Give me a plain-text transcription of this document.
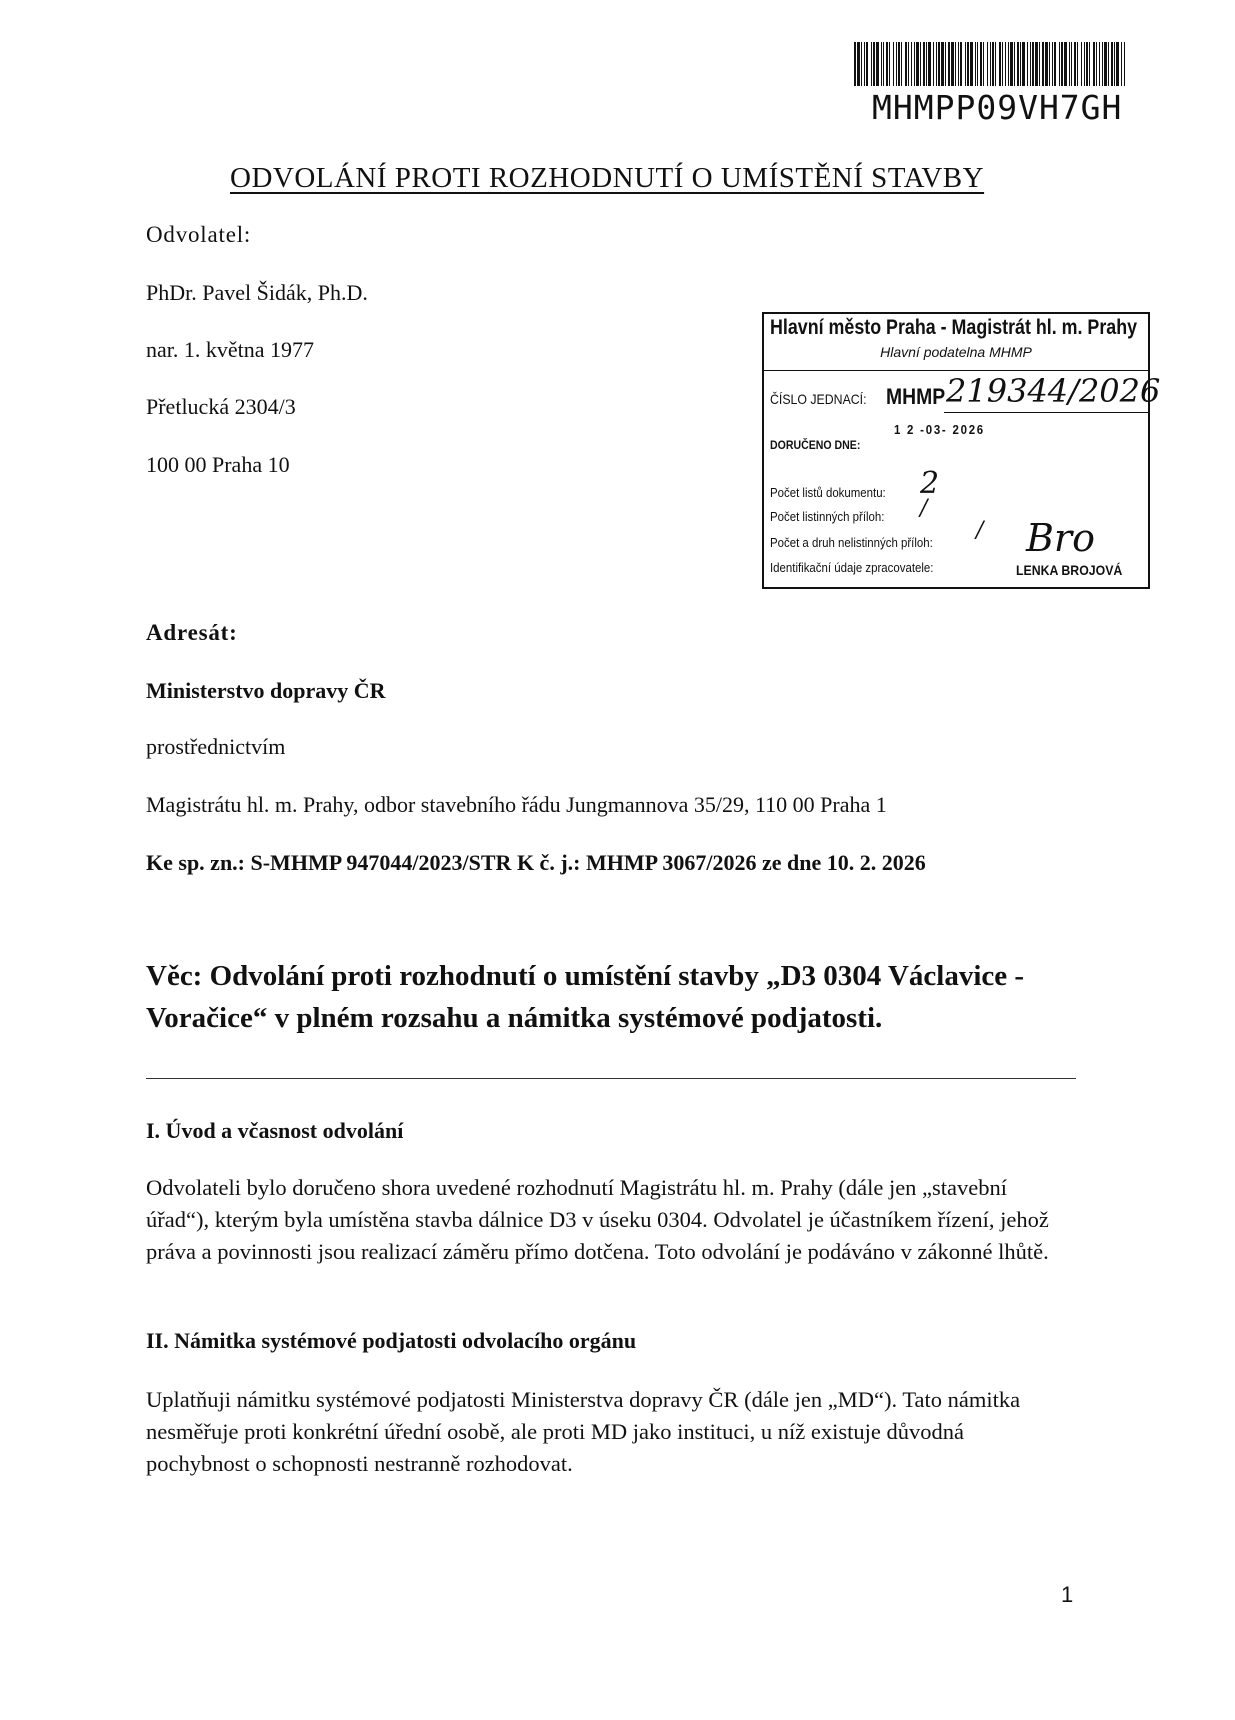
MHMPP09VH7GH
ODVOLÁNÍ PROTI ROZHODNUTÍ O UMÍSTĚNÍ STAVBY
Odvolatel:
PhDr. Pavel Šidák, Ph.D.
nar. 1. května 1977
Přetlucká 2304/3
100 00 Praha 10
Hlavní město Praha - Magistrát hl. m. Prahy
Hlavní podatelna MHMP
ČÍSLO JEDNACÍ: MHMP 219344/2026
DORUČENO DNE:
1 2 -03- 2026
Počet listů dokumentu: 2
Počet listinných příloh: /
Počet a druh nelistinných příloh: /
Identifikační údaje zpracovatele:
Bro
LENKA BROJOVÁ
Adresát:
Ministerstvo dopravy ČR
prostřednictvím
Magistrátu hl. m. Prahy, odbor stavebního řádu Jungmannova 35/29, 110 00 Praha 1
Ke sp. zn.: S-MHMP 947044/2023/STR K č. j.: MHMP 3067/2026 ze dne 10. 2. 2026
Věc: Odvolání proti rozhodnutí o umístění stavby „D3 0304 Václavice - Voračice“ v plném rozsahu a námitka systémové podjatosti.
I. Úvod a včasnost odvolání
Odvolateli bylo doručeno shora uvedené rozhodnutí Magistrátu hl. m. Prahy (dále jen „stavební úřad“), kterým byla umístěna stavba dálnice D3 v úseku 0304. Odvolatel je účastníkem řízení, jehož práva a povinnosti jsou realizací záměru přímo dotčena. Toto odvolání je podáváno v zákonné lhůtě.
II. Námitka systémové podjatosti odvolacího orgánu
Uplatňuji námitku systémové podjatosti Ministerstva dopravy ČR (dále jen „MD“). Tato námitka nesměřuje proti konkrétní úřední osobě, ale proti MD jako instituci, u níž existuje důvodná pochybnost o schopnosti nestranně rozhodovat.
1
